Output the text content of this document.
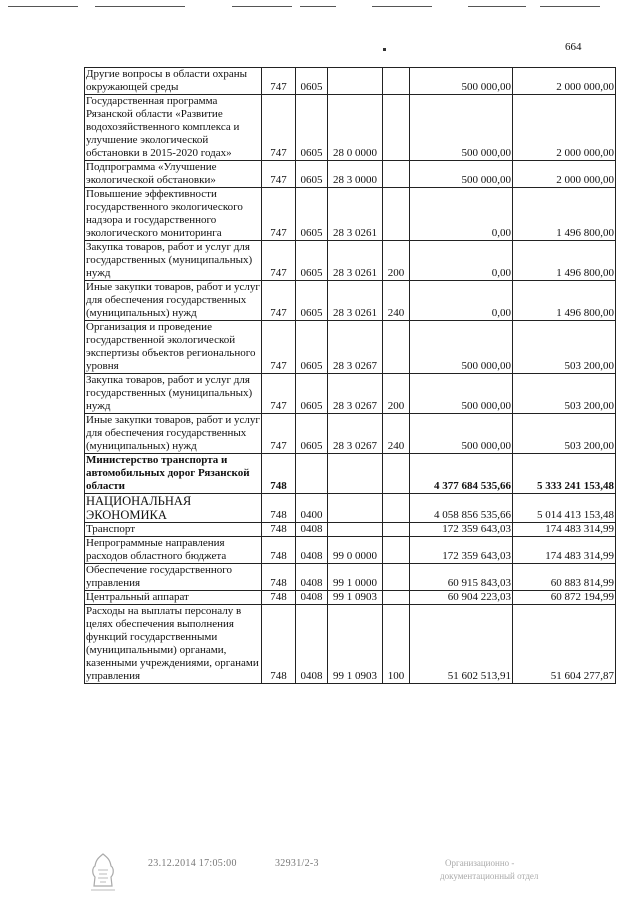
664
Другие вопросы в области охраны окружающей среды	747	0605			500 000,00	2 000 000,00
Государственная программа Рязанской области «Развитие водохозяйственного комплекса и улучшение экологической обстановки в 2015-2020 годах»	747	0605	28 0 0000		500 000,00	2 000 000,00
Подпрограмма «Улучшение экологической обстановки»	747	0605	28 3 0000		500 000,00	2 000 000,00
Повышение эффективности государственного экологического надзора и государственного экологического мониторинга	747	0605	28 3 0261		0,00	1 496 800,00
Закупка товаров, работ и услуг для государственных (муниципальных) нужд	747	0605	28 3 0261	200	0,00	1 496 800,00
Иные закупки товаров, работ и услуг для обеспечения государственных (муниципальных) нужд	747	0605	28 3 0261	240	0,00	1 496 800,00
Организация и проведение государственной экологической экспертизы объектов регионального уровня	747	0605	28 3 0267		500 000,00	503 200,00
Закупка товаров, работ и услуг для государственных (муниципальных) нужд	747	0605	28 3 0267	200	500 000,00	503 200,00
Иные закупки товаров, работ и услуг для обеспечения государственных (муниципальных) нужд	747	0605	28 3 0267	240	500 000,00	503 200,00
Министерство транспорта и автомобильных дорог Рязанской области	748				4 377 684 535,66	5 333 241 153,48
НАЦИОНАЛЬНАЯ ЭКОНОМИКА	748	0400			4 058 856 535,66	5 014 413 153,48
Транспорт	748	0408			172 359 643,03	174 483 314,99
Непрограммные направления расходов областного бюджета	748	0408	99 0 0000		172 359 643,03	174 483 314,99
Обеспечение государственного управления	748	0408	99 1 0000		60 915 843,03	60 883 814,99
Центральный аппарат	748	0408	99 1 0903		60 904 223,03	60 872 194,99
Расходы на выплаты персоналу в целях обеспечения выполнения функций государственными (муниципальными) органами, казенными учреждениями, органами управления	748	0408	99 1 0903	100	51 602 513,91	51 604 277,87
23.12.2014 17:05:00	32931/2-3	Организационно -
документационный отдел
